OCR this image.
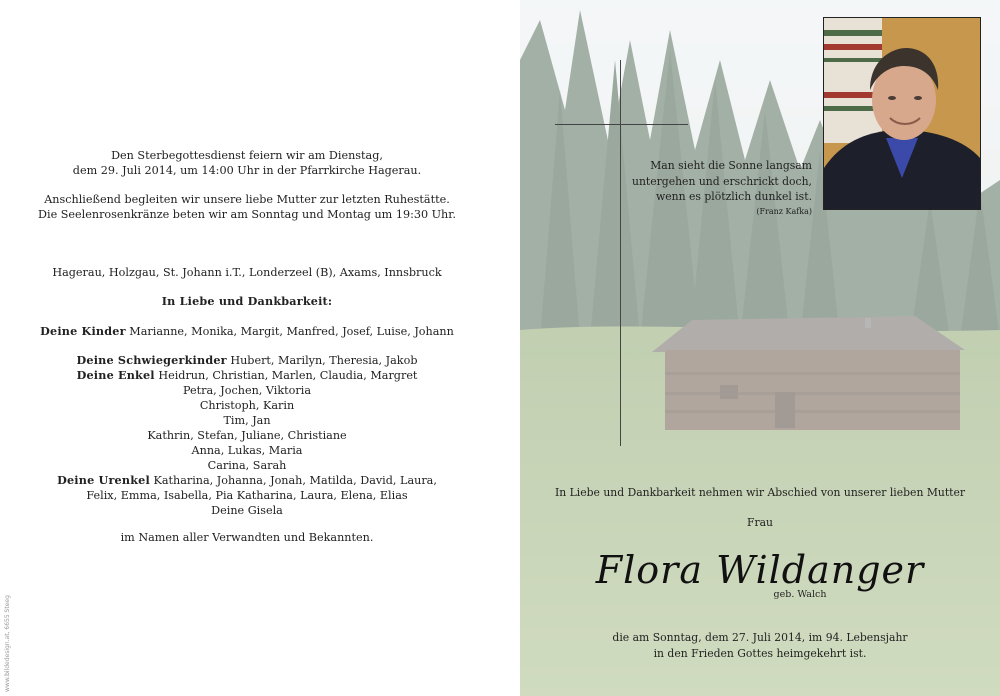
Den Sterbegottesdienst feiern wir am Dienstag,

dem 29. Juli 2014, um 14:00 Uhr in der Pfarrkirche Hagerau.

Anschließend begleiten wir unsere liebe Mutter zur letzten Ruhestätte.

Die Seelenrosenkränze beten wir am Sonntag und Montag um 19:30 Uhr.

Hagerau, Holzgau, St. Johann i.T., Londerzeel (B), Axams, Innsbruck

In Liebe und Dankbarkeit:

Deine Kinder Marianne, Monika, Margit, Manfred, Josef, Luise, Johann

Deine Schwiegerkinder Hubert, Marilyn, Theresia, Jakob

Deine Enkel Heidrun, Christian, Marlen, Claudia, Margret

Petra, Jochen, Viktoria

Christoph, Karin

Tim, Jan

Kathrin, Stefan, Juliane, Christiane

Anna, Lukas, Maria

Carina, Sarah

Deine Urenkel Katharina, Johanna, Jonah, Matilda, David, Laura,

Felix, Emma, Isabella, Pia Katharina, Laura, Elena, Elias

Deine Gisela

im Namen aller Verwandten und Bekannten.

www.bildedesign.at, 6655 Steeg

Man sieht die Sonne langsam

untergehen und erschrickt doch,

wenn es plötzlich dunkel ist.

(Franz Kafka)

In Liebe und Dankbarkeit nehmen wir Abschied von unserer lieben Mutter

Frau

Flora Wildanger
geb. Walch

die am Sonntag, dem 27. Juli 2014, im 94. Lebensjahr

in den Frieden Gottes heimgekehrt ist.
